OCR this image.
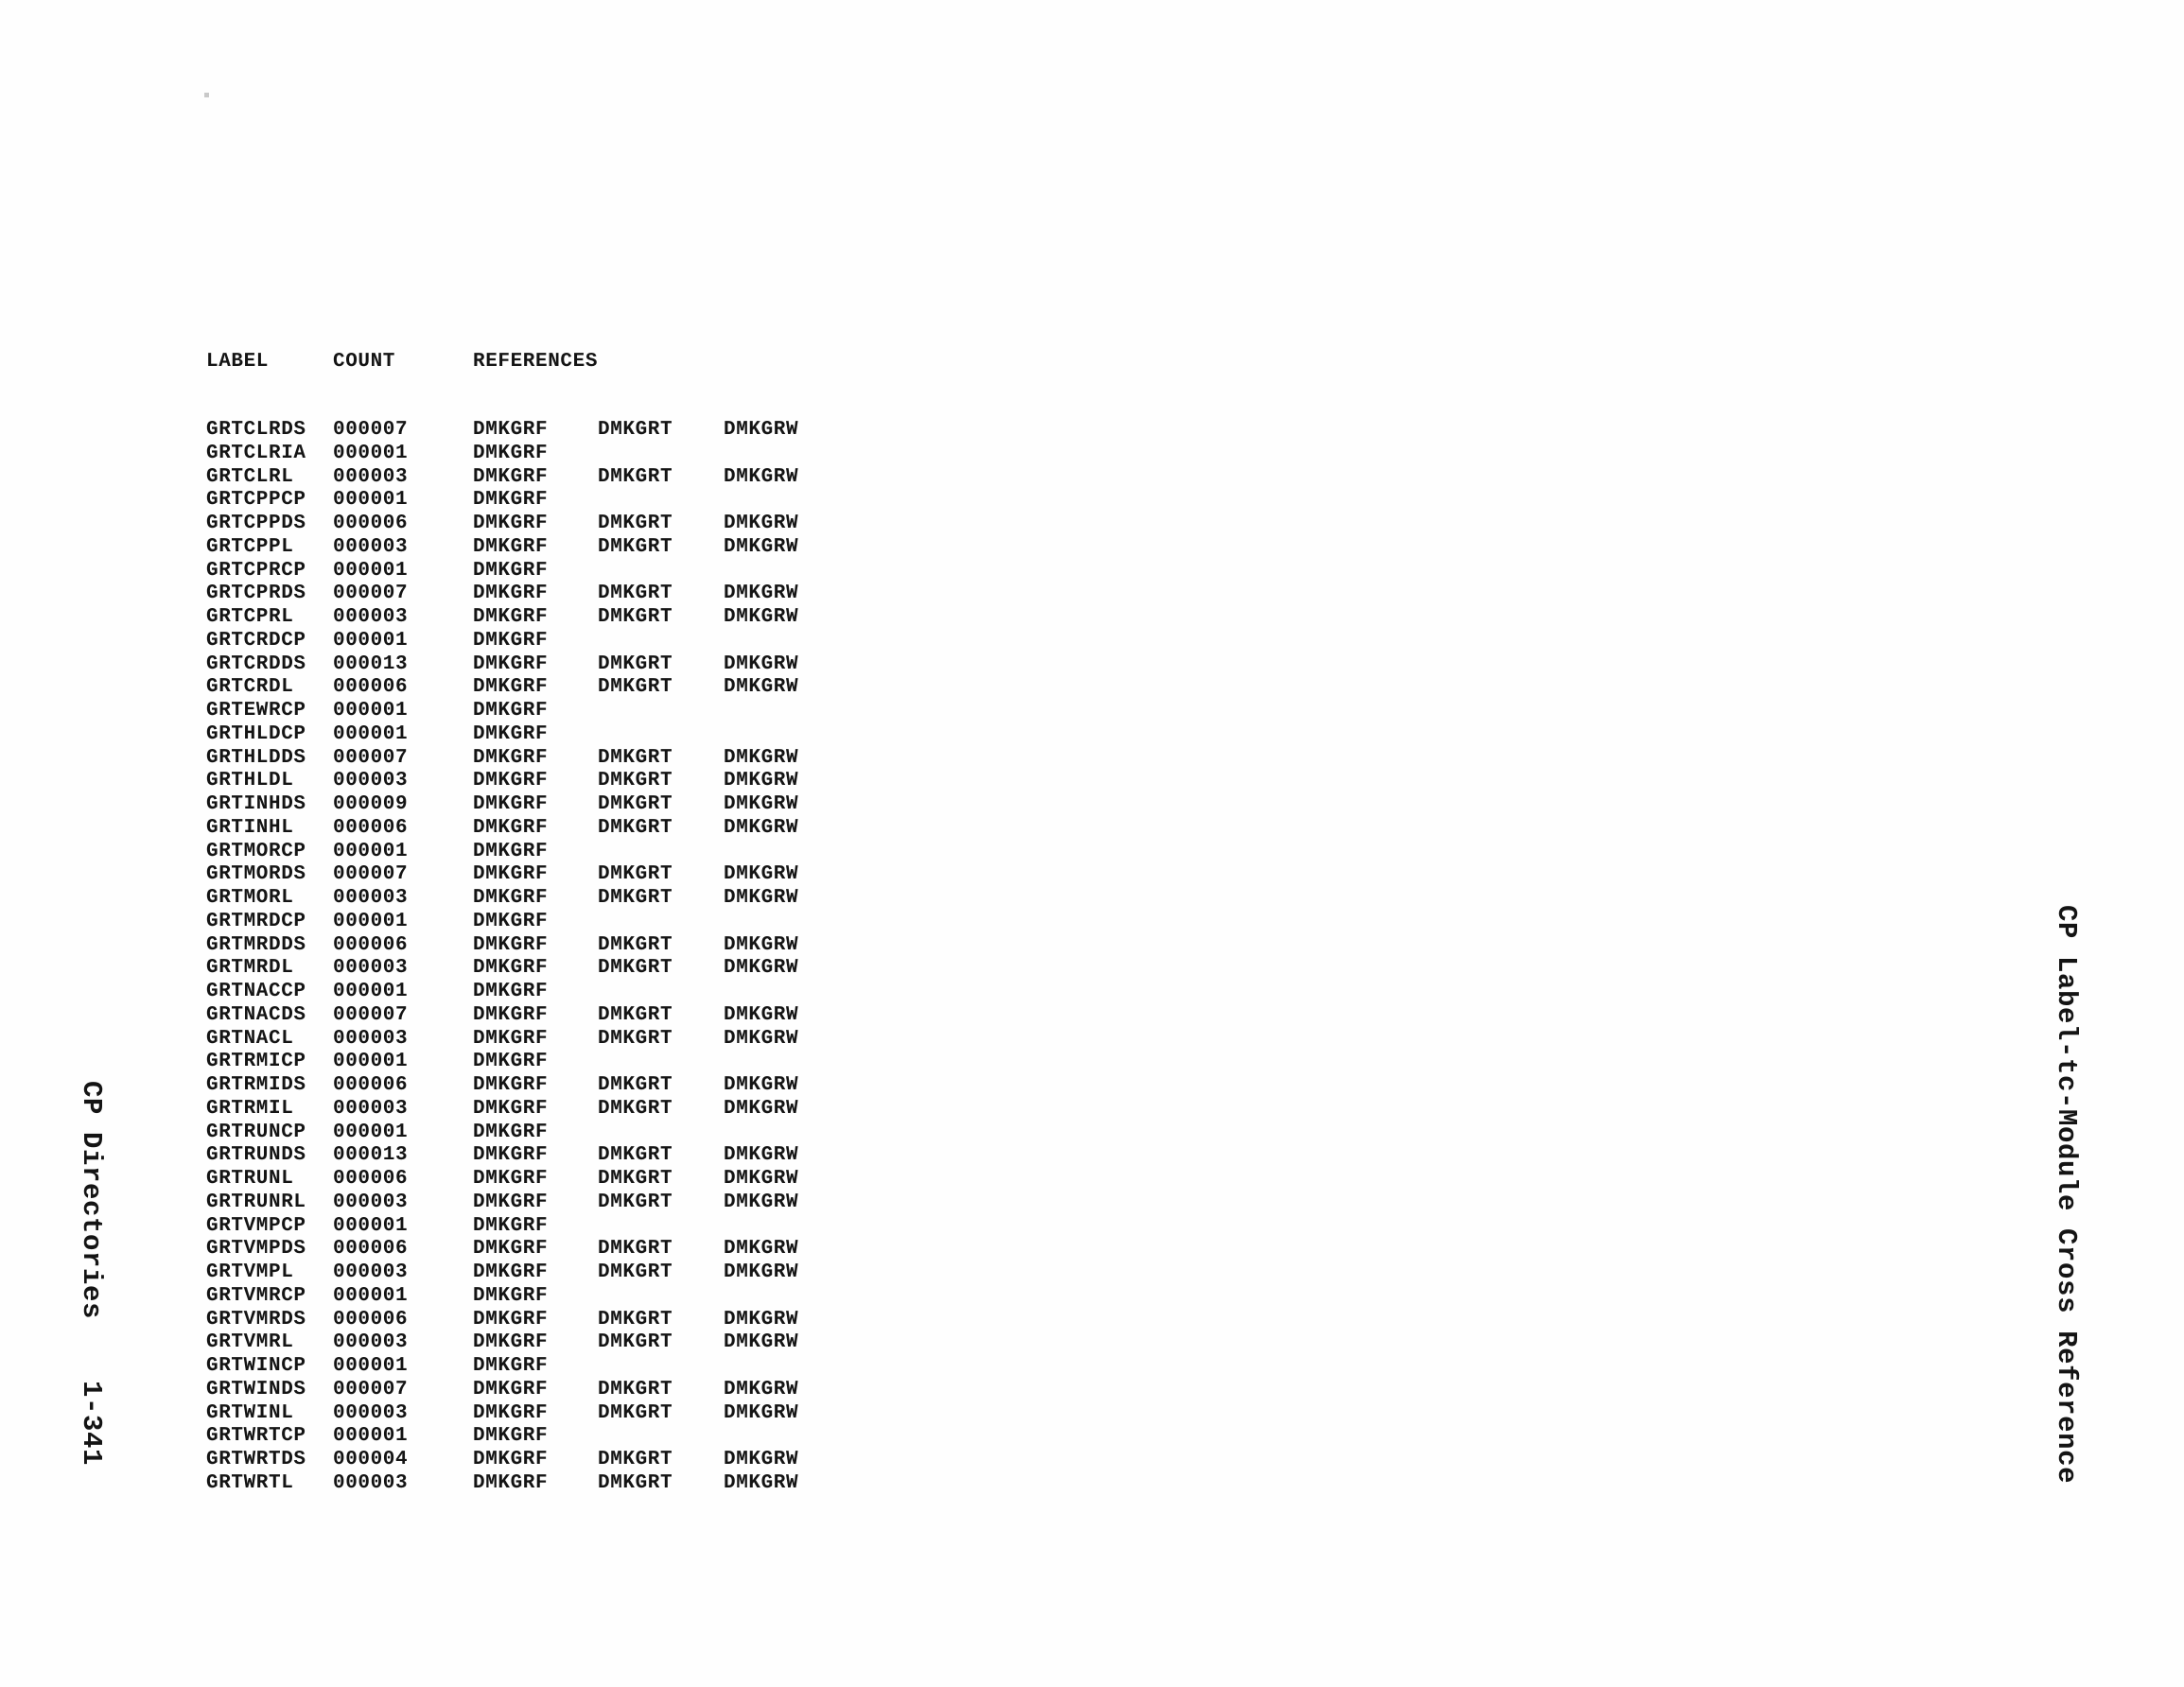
CP Directories
1-341	CP Label-tc-Module Cross Reference
LABEL	COUNT	REFERENCES
GRTCLRDS	000007	DMKGRF	DMKGRT	DMKGRW
GRTCLRIA	000001	DMKGRF
GRTCLRL	000003	DMKGRF	DMKGRT	DMKGRW
GRTCPPCP	000001	DMKGRF
GRTCPPDS	000006	DMKGRF	DMKGRT	DMKGRW
GRTCPPL	000003	DMKGRF	DMKGRT	DMKGRW
GRTCPRCP	000001	DMKGRF
GRTCPRDS	000007	DMKGRF	DMKGRT	DMKGRW
GRTCPRL	000003	DMKGRF	DMKGRT	DMKGRW
GRTCRDCP	000001	DMKGRF
GRTCRDDS	000013	DMKGRF	DMKGRT	DMKGRW
GRTCRDL	000006	DMKGRF	DMKGRT	DMKGRW
GRTEWRCP	000001	DMKGRF
GRTHLDCP	000001	DMKGRF
GRTHLDDS	000007	DMKGRF	DMKGRT	DMKGRW
GRTHLDL	000003	DMKGRF	DMKGRT	DMKGRW
GRTINHDS	000009	DMKGRF	DMKGRT	DMKGRW
GRTINHL	000006	DMKGRF	DMKGRT	DMKGRW
GRTMORCP	000001	DMKGRF
GRTMORDS	000007	DMKGRF	DMKGRT	DMKGRW
GRTMORL	000003	DMKGRF	DMKGRT	DMKGRW
GRTMRDCP	000001	DMKGRF
GRTMRDDS	000006	DMKGRF	DMKGRT	DMKGRW
GRTMRDL	000003	DMKGRF	DMKGRT	DMKGRW
GRTNACCP	000001	DMKGRF
GRTNACDS	000007	DMKGRF	DMKGRT	DMKGRW
GRTNACL	000003	DMKGRF	DMKGRT	DMKGRW
GRTRMICP	000001	DMKGRF
GRTRMIDS	000006	DMKGRF	DMKGRT	DMKGRW
GRTRMIL	000003	DMKGRF	DMKGRT	DMKGRW
GRTRUNCP	000001	DMKGRF
GRTRUNDS	000013	DMKGRF	DMKGRT	DMKGRW
GRTRUNL	000006	DMKGRF	DMKGRT	DMKGRW
GRTRUNRL	000003	DMKGRF	DMKGRT	DMKGRW
GRTVMPCP	000001	DMKGRF
GRTVMPDS	000006	DMKGRF	DMKGRT	DMKGRW
GRTVMPL	000003	DMKGRF	DMKGRT	DMKGRW
GRTVMRCP	000001	DMKGRF
GRTVMRDS	000006	DMKGRF	DMKGRT	DMKGRW
GRTVMRL	000003	DMKGRF	DMKGRT	DMKGRW
GRTWINCP	000001	DMKGRF
GRTWINDS	000007	DMKGRF	DMKGRT	DMKGRW
GRTWINL	000003	DMKGRF	DMKGRT	DMKGRW
GRTWRTCP	000001	DMKGRF
GRTWRTDS	000004	DMKGRF	DMKGRT	DMKGRW
GRTWRTL	000003	DMKGRF	DMKGRT	DMKGRW
